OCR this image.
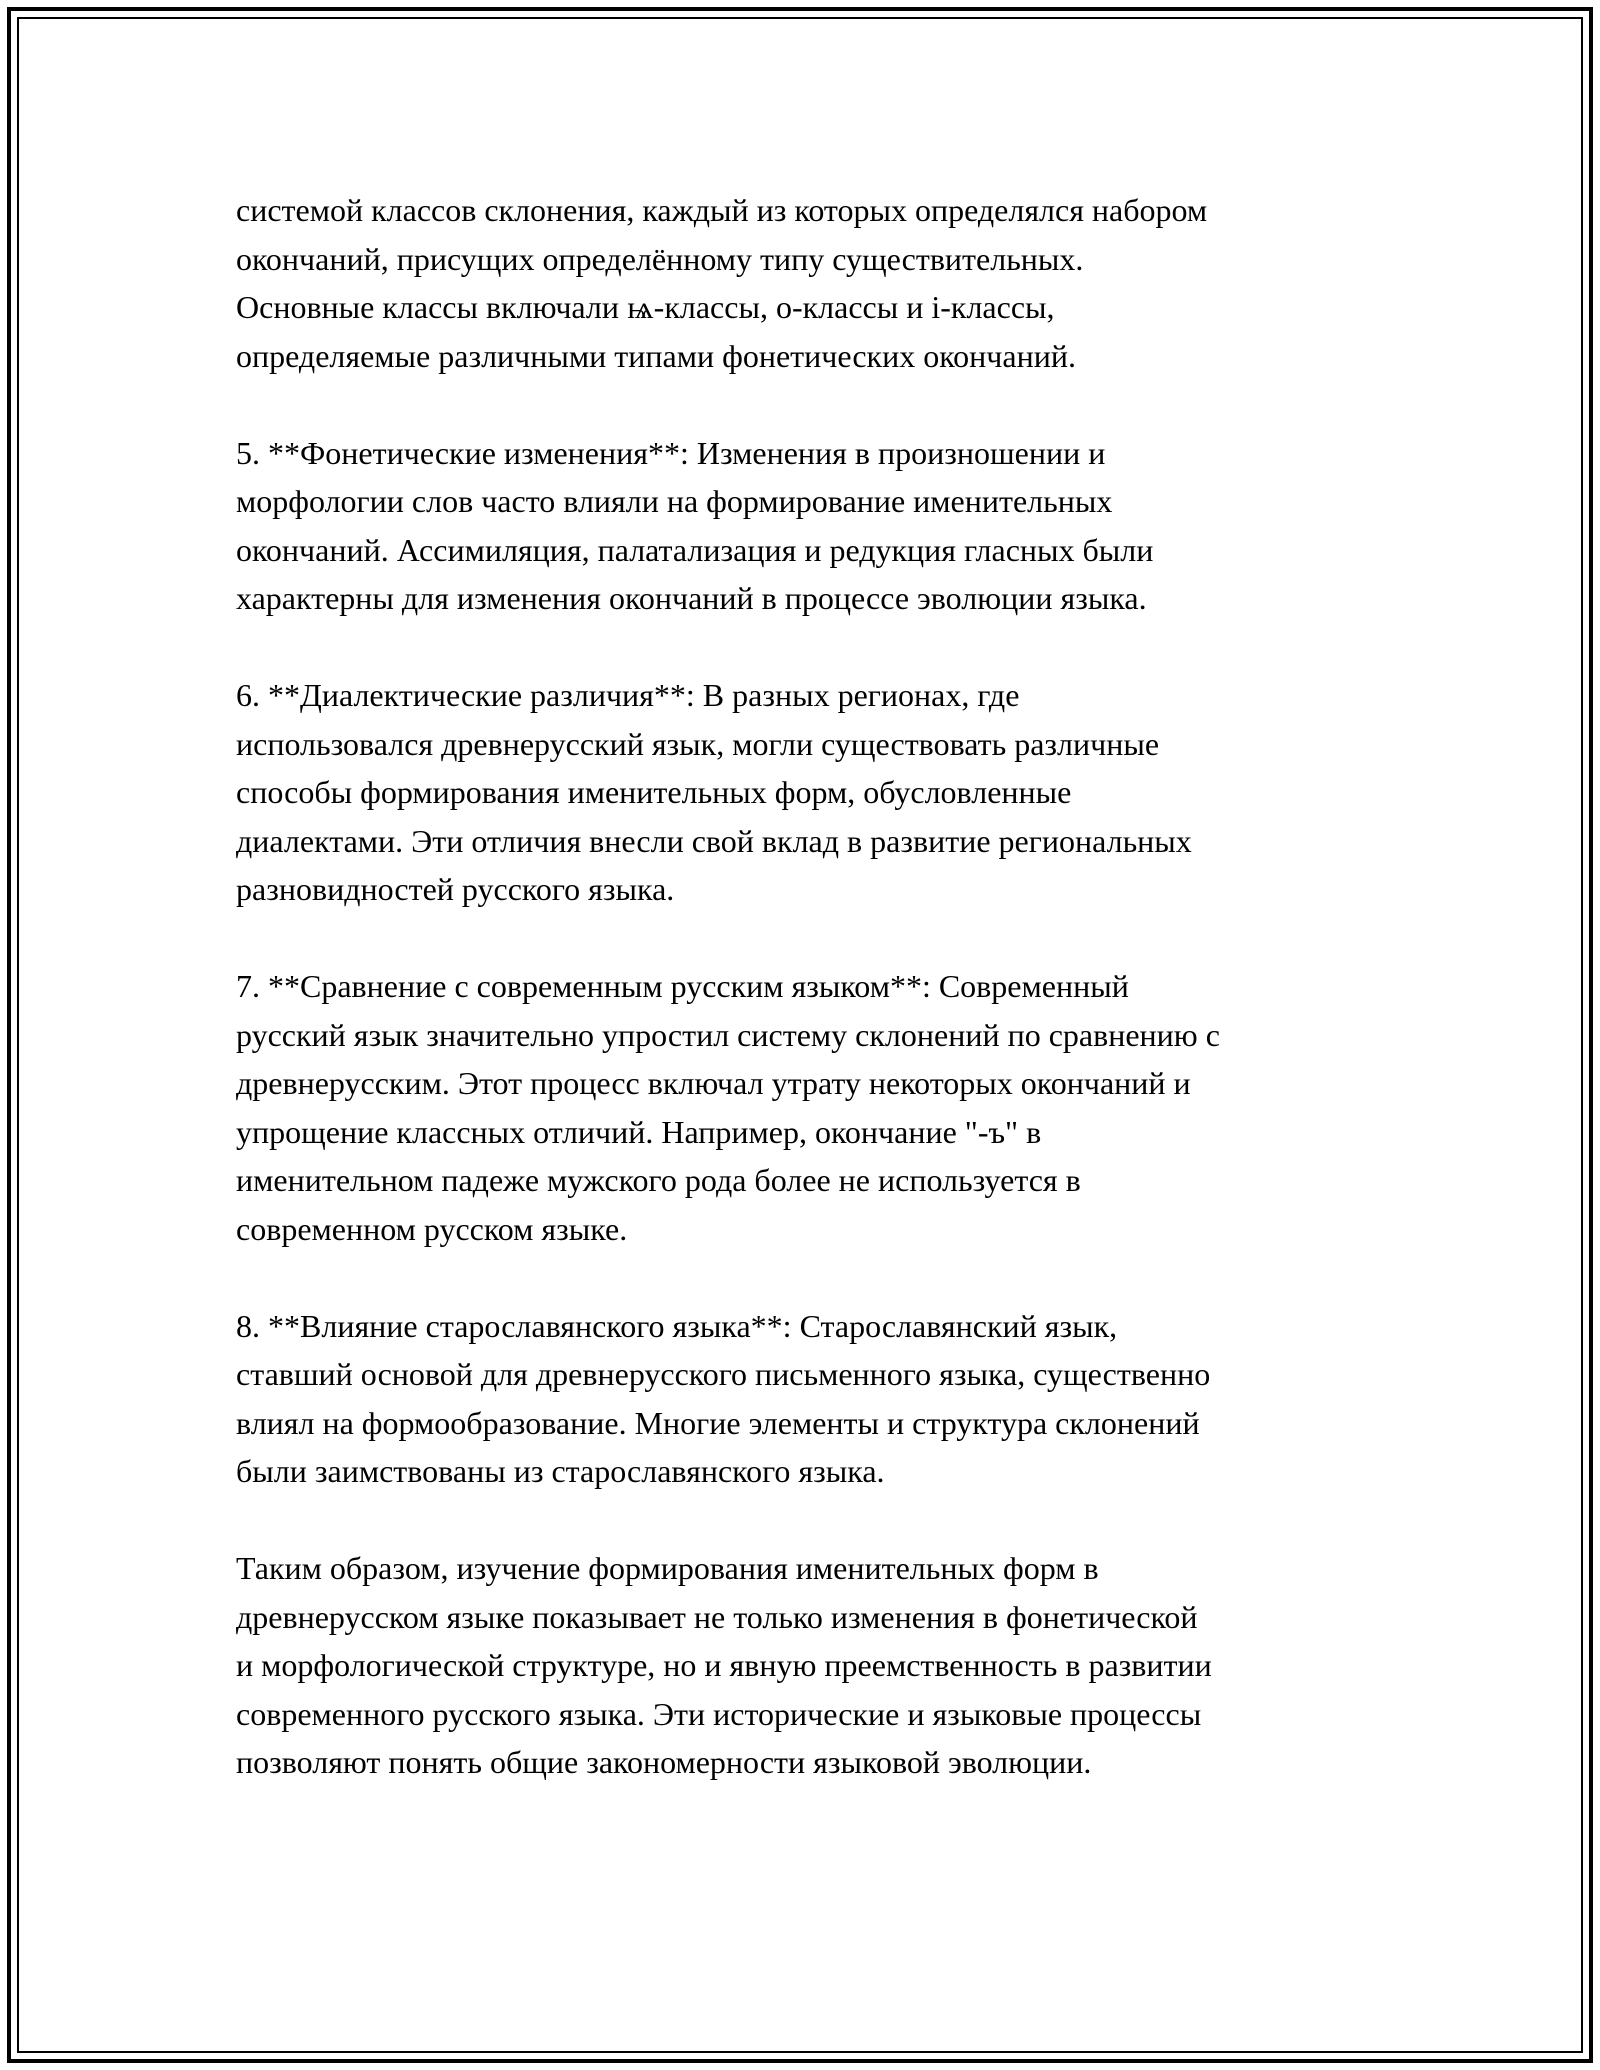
системой классов склонения, каждый из которых определялся набором
окончаний, присущих определённому типу существительных.
Основные классы включали ѩ-классы, о-классы и і-классы,
определяемые различными типами фонетических окончаний.

5. **Фонетические изменения**: Изменения в произношении и
морфологии слов часто влияли на формирование именительных
окончаний. Ассимиляция, палатализация и редукция гласных были
характерны для изменения окончаний в процессе эволюции языка.

6. **Диалектические различия**: В разных регионах, где
использовался древнерусский язык, могли существовать различные
способы формирования именительных форм, обусловленные
диалектами. Эти отличия внесли свой вклад в развитие региональных
разновидностей русского языка.

7. **Сравнение с современным русским языком**: Современный
русский язык значительно упростил систему склонений по сравнению с
древнерусским. Этот процесс включал утрату некоторых окончаний и
упрощение классных отличий. Например, окончание "-ъ" в
именительном падеже мужского рода более не используется в
современном русском языке.

8. **Влияние старославянского языка**: Старославянский язык,
ставший основой для древнерусского письменного языка, существенно
влиял на формообразование. Многие элементы и структура склонений
были заимствованы из старославянского языка.

Таким образом, изучение формирования именительных форм в
древнерусском языке показывает не только изменения в фонетической
и морфологической структуре, но и явную преемственность в развитии
современного русского языка. Эти исторические и языковые процессы
позволяют понять общие закономерности языковой эволюции.
